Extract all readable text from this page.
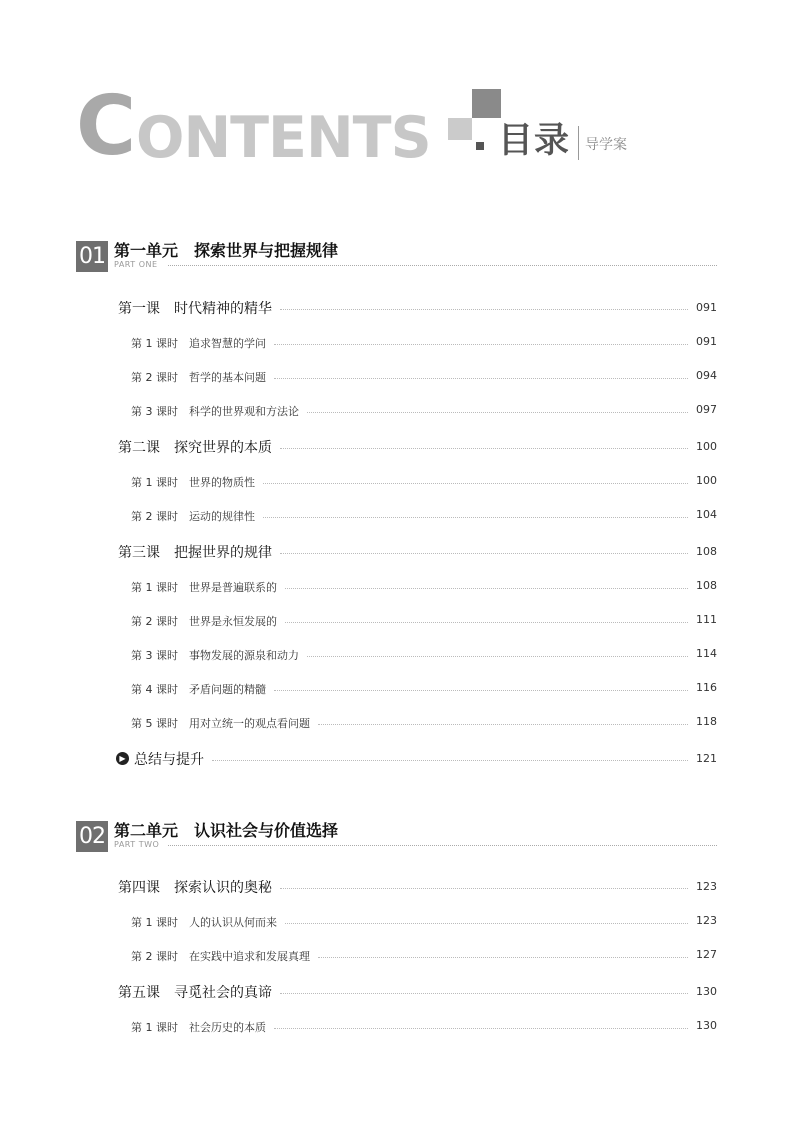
C ONTENTS 目录 导学案
01 第一单元　探索世界与把握规律
PART ONE
第一课　时代精神的精华	091
第 1 课时　追求智慧的学问	091
第 2 课时　哲学的基本问题	094
第 3 课时　科学的世界观和方法论	097
第二课　探究世界的本质	100
第 1 课时　世界的物质性	100
第 2 课时　运动的规律性	104
第三课　把握世界的规律	108
第 1 课时　世界是普遍联系的	108
第 2 课时　世界是永恒发展的	111
第 3 课时　事物发展的源泉和动力	114
第 4 课时　矛盾问题的精髓	116
第 5 课时　用对立统一的观点看问题	118
▶ 总结与提升	121
第四课　探索认识的奥秘	123
第 1 课时　人的认识从何而来	123
第 2 课时　在实践中追求和发展真理	127
第五课　寻觅社会的真谛	130
第 1 课时　社会历史的本质	130
02 第二单元　认识社会与价值选择
PART TWO
